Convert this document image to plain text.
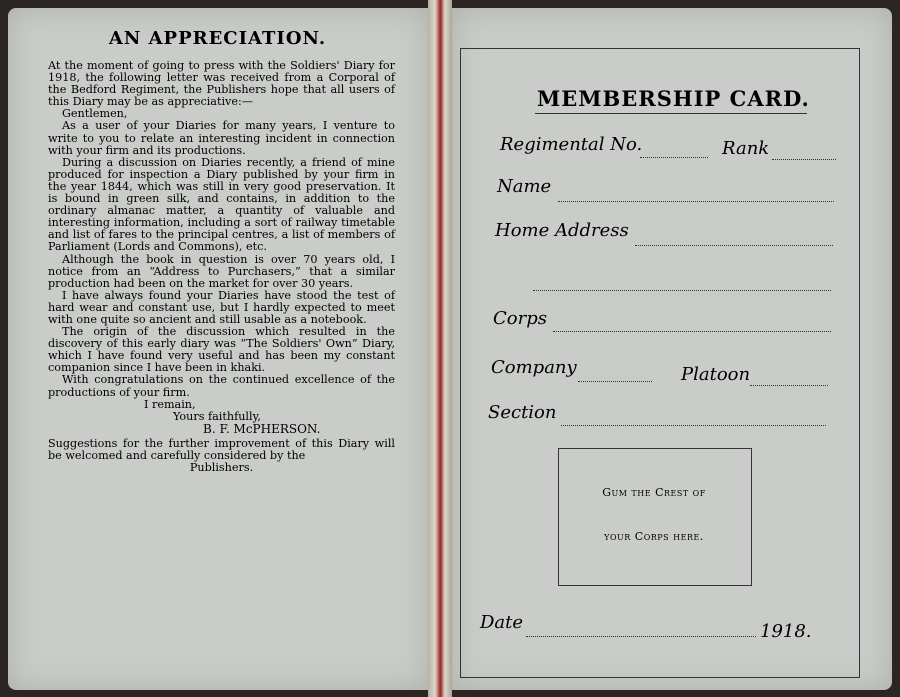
AN APPRECIATION.

At the moment of going to press with the Soldiers' Diary for 1918, the following letter was received from a Corporal of the Bedford Regiment, the Publishers hope that all users of this Diary may be as appreciative:—

Gentlemen,

As a user of your Diaries for many years, I venture to write to you to relate an interesting incident in connection with your firm and its productions.

During a discussion on Diaries recently, a friend of mine produced for inspection a Diary published by your firm in the year 1844, which was still in very good preservation. It is bound in green silk, and contains, in addition to the ordinary almanac matter, a quantity of valuable and interesting information, including a sort of railway timetable and list of fares to the principal centres, a list of members of Parliament (Lords and Commons), etc.

Although the book in question is over 70 years old, I notice from an “Address to Purchasers,” that a similar production had been on the market for over 30 years.

I have always found your Diaries have stood the test of hard wear and constant use, but I hardly expected to meet with one quite so ancient and still usable as a notebook.

The origin of the discussion which resulted in the discovery of this early diary was “The Soldiers' Own” Diary, which I have found very useful and has been my constant companion since I have been in khaki.

With congratulations on the continued excellence of the productions of your firm.

I remain,

Yours faithfully,

B. F. McPHERSON.

Suggestions for the further improvement of this Diary will be welcomed and carefully considered by the

Publishers.

MEMBERSHIP CARD.
Regimental No.	Rank
Name
Home Address
Corps
Company	Platoon
Section
Gum the Crest of
your Corps here.
Date	1918.
